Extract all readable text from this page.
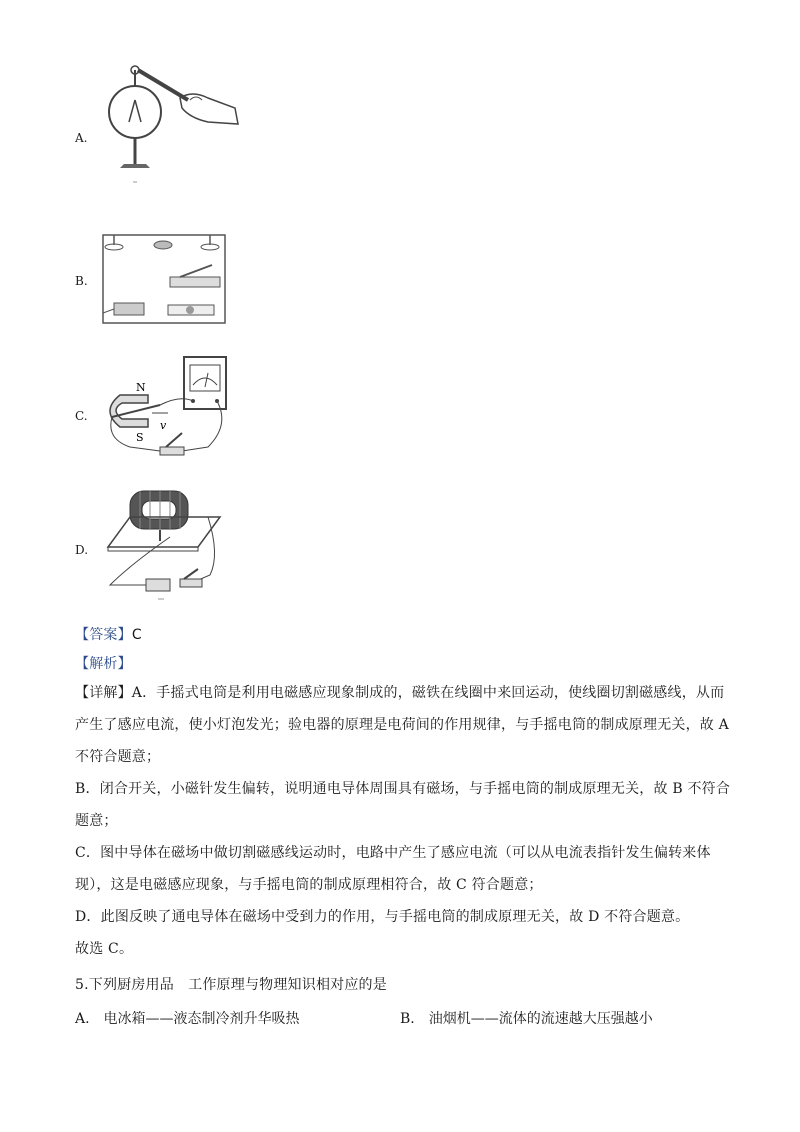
A.
B.
C.
N
S
v
D.
【答案】C
【解析】
【详解】A．手摇式电筒是利用电磁感应现象制成的，磁铁在线圈中来回运动，使线圈切割磁感线，从而
产生了感应电流，使小灯泡发光；验电器的原理是电荷间的作用规律，与手摇电筒的制成原理无关，故 A
不符合题意；
B．闭合开关，小磁针发生偏转，说明通电导体周围具有磁场，与手摇电筒的制成原理无关，故 B 不符合
题意；
C．图中导体在磁场中做切割磁感线运动时，电路中产生了感应电流（可以从电流表指针发生偏转来体
现），这是电磁感应现象，与手摇电筒的制成原理相符合，故 C 符合题意；
D．此图反映了通电导体在磁场中受到力的作用，与手摇电筒的制成原理无关，故 D 不符合题意。
故选 C。
5.下列厨房用品　工作原理与物理知识相对应的是
A.　电冰箱——液态制冷剂升华吸热	B.　油烟机——流体的流速越大压强越小
